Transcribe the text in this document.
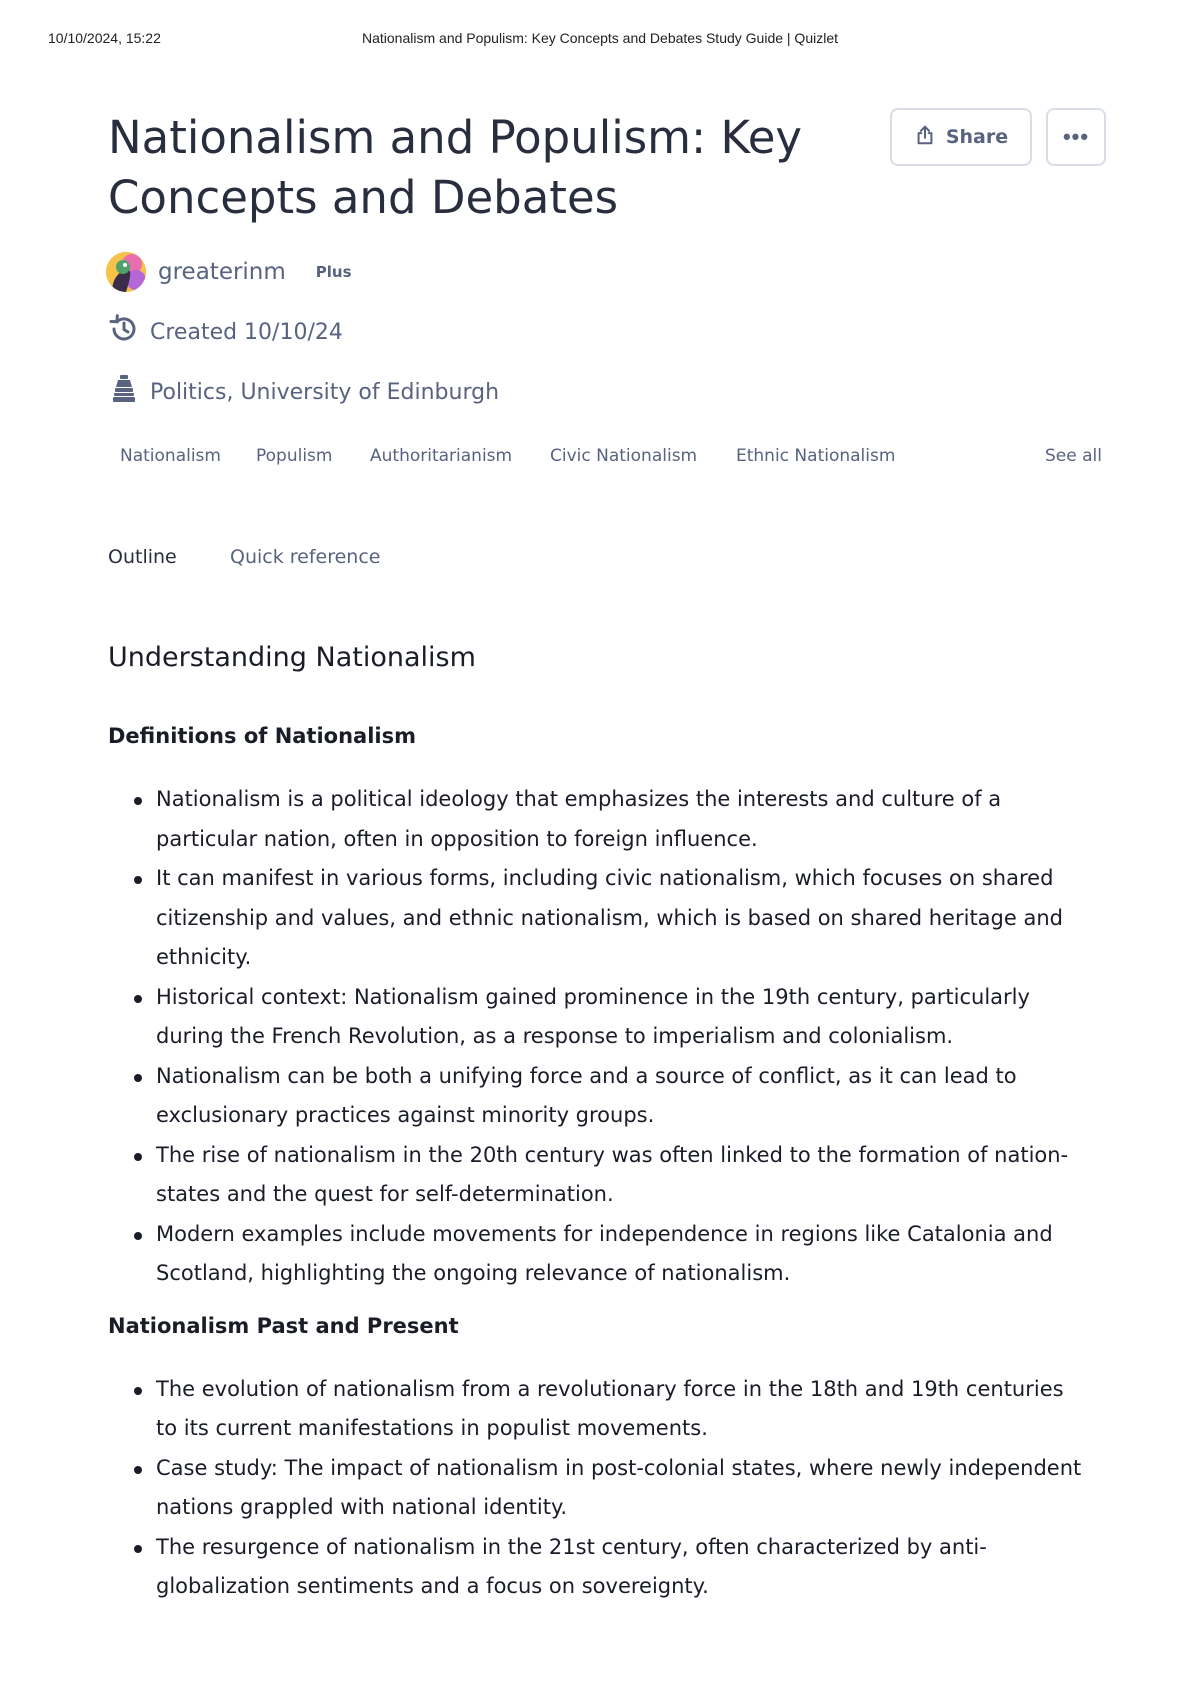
10/10/2024, 15:22	Nationalism and Populism: Key Concepts and Debates Study Guide | Quizlet
Nationalism and Populism: Key Concepts and Debates
Share •••
greaterinm Plus
Created 10/10/24
Politics, University of Edinburgh
Nationalism Populism Authoritarianism Civic Nationalism Ethnic Nationalism	See all
Outline	Quick reference
Understanding Nationalism
Definitions of Nationalism
Nationalism is a political ideology that emphasizes the interests and culture of a particular nation, often in opposition to foreign influence.
It can manifest in various forms, including civic nationalism, which focuses on shared citizenship and values, and ethnic nationalism, which is based on shared heritage and ethnicity.
Historical context: Nationalism gained prominence in the 19th century, particularly during the French Revolution, as a response to imperialism and colonialism.
Nationalism can be both a unifying force and a source of conflict, as it can lead to exclusionary practices against minority groups.
The rise of nationalism in the 20th century was often linked to the formation of nation-states and the quest for self-determination.
Modern examples include movements for independence in regions like Catalonia and Scotland, highlighting the ongoing relevance of nationalism.
Nationalism Past and Present
The evolution of nationalism from a revolutionary force in the 18th and 19th centuries to its current manifestations in populist movements.
Case study: The impact of nationalism in post-colonial states, where newly independent nations grappled with national identity.
The resurgence of nationalism in the 21st century, often characterized by anti-globalization sentiments and a focus on sovereignty.
